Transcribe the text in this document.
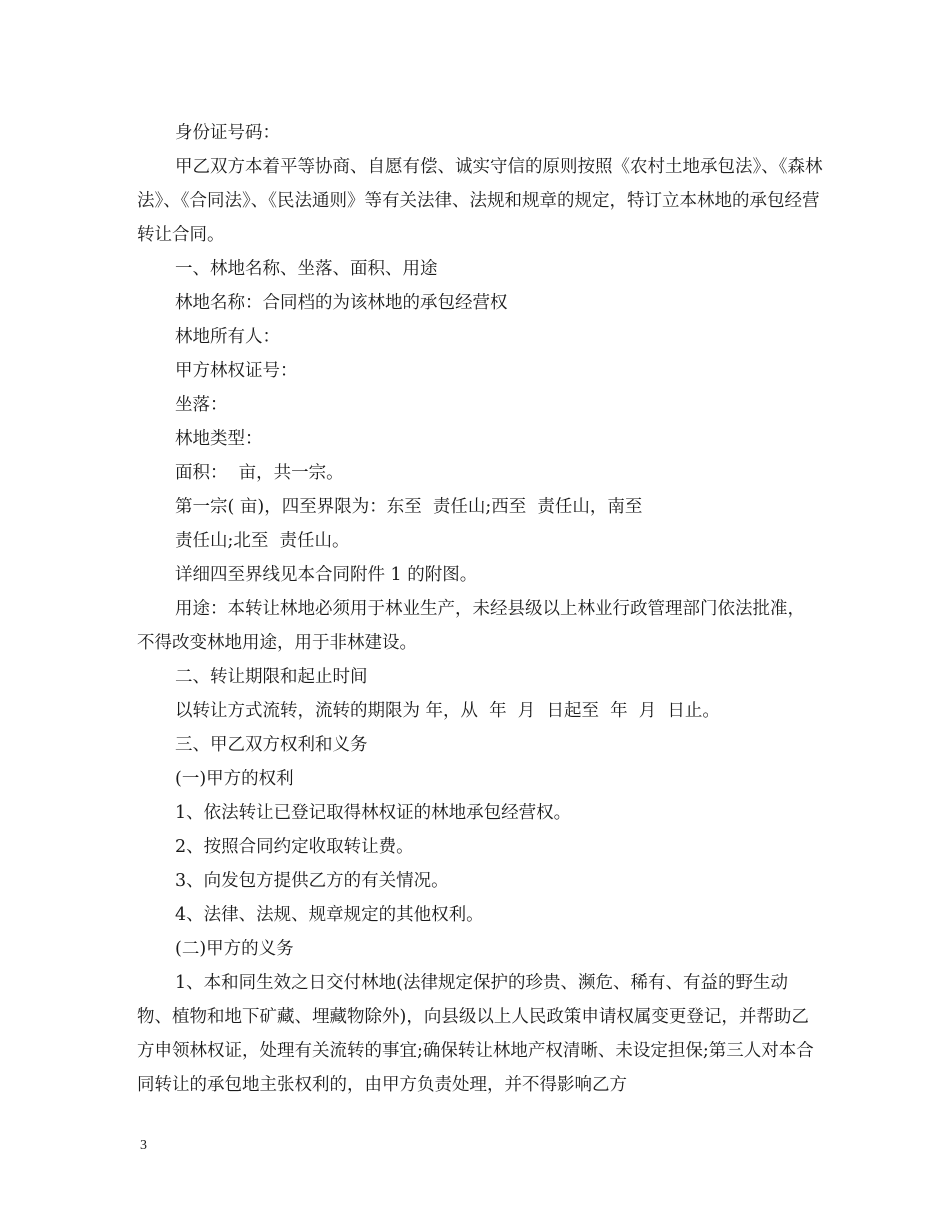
身份证号码：

甲乙双方本着平等协商、自愿有偿、诚实守信的原则按照《农村土地承包法》、《森林法》、《合同法》、《民法通则》等有关法律、法规和规章的规定，特订立本林地的承包经营转让合同。

一、林地名称、坐落、面积、用途

林地名称：合同档的为该林地的承包经营权

林地所有人：

甲方林权证号：

坐落：

林地类型：

面积：  亩，共一宗。

第一宗( 亩)，四至界限为：东至  责任山;西至  责任山，南至

责任山;北至  责任山。

详细四至界线见本合同附件 1 的附图。

用途：本转让林地必须用于林业生产，未经县级以上林业行政管理部门依法批准，不得改变林地用途，用于非林建设。

二、转让期限和起止时间

以转让方式流转，流转的期限为 年，从  年  月  日起至  年  月  日止。

三、甲乙双方权利和义务

(一)甲方的权利

1、依法转让已登记取得林权证的林地承包经营权。

2、按照合同约定收取转让费。

3、向发包方提供乙方的有关情况。

4、法律、法规、规章规定的其他权利。

(二)甲方的义务

1、本和同生效之日交付林地(法律规定保护的珍贵、濒危、稀有、有益的野生动物、植物和地下矿藏、埋藏物除外)，向县级以上人民政策申请权属变更登记，并帮助乙方申领林权证，处理有关流转的事宜;确保转让林地产权清晰、未设定担保;第三人对本合同转让的承包地主张权利的，由甲方负责处理，并不得影响乙方

3
